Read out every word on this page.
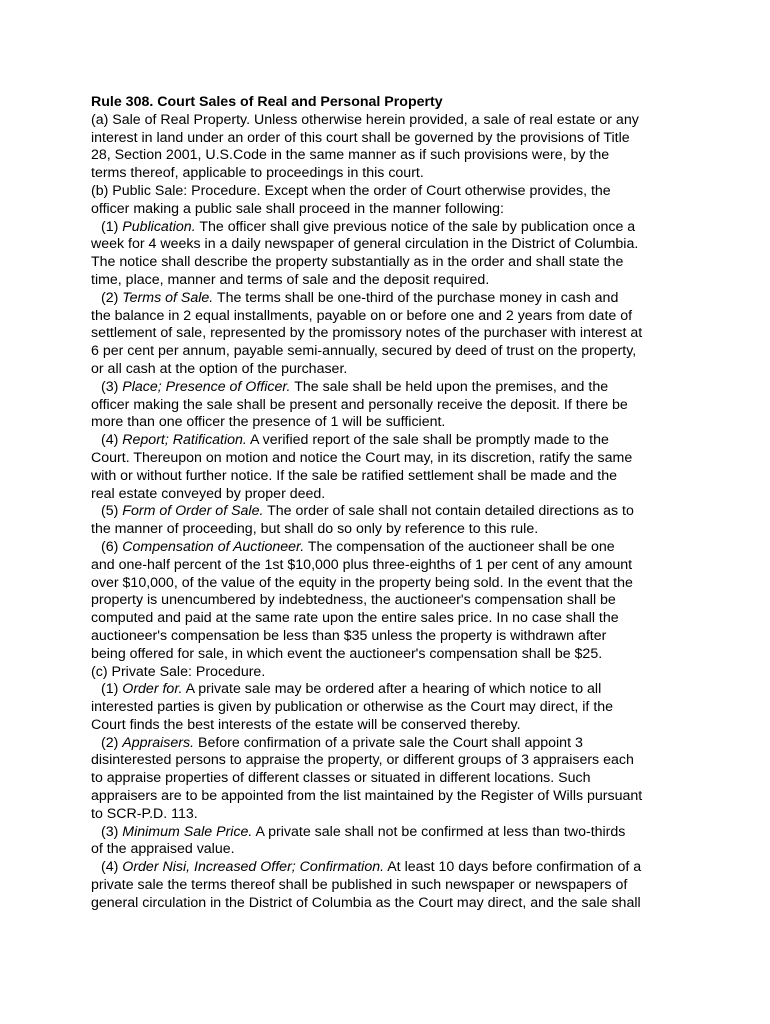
Rule 308. Court Sales of Real and Personal Property
(a) Sale of Real Property. Unless otherwise herein provided, a sale of real estate or any
interest in land under an order of this court shall be governed by the provisions of Title
28, Section 2001, U.S.Code in the same manner as if such provisions were, by the
terms thereof, applicable to proceedings in this court.
(b) Public Sale: Procedure. Except when the order of Court otherwise provides, the
officer making a public sale shall proceed in the manner following:
(1) Publication. The officer shall give previous notice of the sale by publication once a
week for 4 weeks in a daily newspaper of general circulation in the District of Columbia.
The notice shall describe the property substantially as in the order and shall state the
time, place, manner and terms of sale and the deposit required.
(2) Terms of Sale. The terms shall be one-third of the purchase money in cash and
the balance in 2 equal installments, payable on or before one and 2 years from date of
settlement of sale, represented by the promissory notes of the purchaser with interest at
6 per cent per annum, payable semi-annually, secured by deed of trust on the property,
or all cash at the option of the purchaser.
(3) Place; Presence of Officer. The sale shall be held upon the premises, and the
officer making the sale shall be present and personally receive the deposit. If there be
more than one officer the presence of 1 will be sufficient.
(4) Report; Ratification. A verified report of the sale shall be promptly made to the
Court. Thereupon on motion and notice the Court may, in its discretion, ratify the same
with or without further notice. If the sale be ratified settlement shall be made and the
real estate conveyed by proper deed.
(5) Form of Order of Sale. The order of sale shall not contain detailed directions as to
the manner of proceeding, but shall do so only by reference to this rule.
(6) Compensation of Auctioneer. The compensation of the auctioneer shall be one
and one-half percent of the 1st $10,000 plus three-eighths of 1 per cent of any amount
over $10,000, of the value of the equity in the property being sold. In the event that the
property is unencumbered by indebtedness, the auctioneer's compensation shall be
computed and paid at the same rate upon the entire sales price. In no case shall the
auctioneer's compensation be less than $35 unless the property is withdrawn after
being offered for sale, in which event the auctioneer's compensation shall be $25.
(c) Private Sale: Procedure.
(1) Order for. A private sale may be ordered after a hearing of which notice to all
interested parties is given by publication or otherwise as the Court may direct, if the
Court finds the best interests of the estate will be conserved thereby.
(2) Appraisers. Before confirmation of a private sale the Court shall appoint 3
disinterested persons to appraise the property, or different groups of 3 appraisers each
to appraise properties of different classes or situated in different locations. Such
appraisers are to be appointed from the list maintained by the Register of Wills pursuant
to SCR-P.D. 113.
(3) Minimum Sale Price. A private sale shall not be confirmed at less than two-thirds
of the appraised value.
(4) Order Nisi, Increased Offer; Confirmation. At least 10 days before confirmation of a
private sale the terms thereof shall be published in such newspaper or newspapers of
general circulation in the District of Columbia as the Court may direct, and the sale shall
